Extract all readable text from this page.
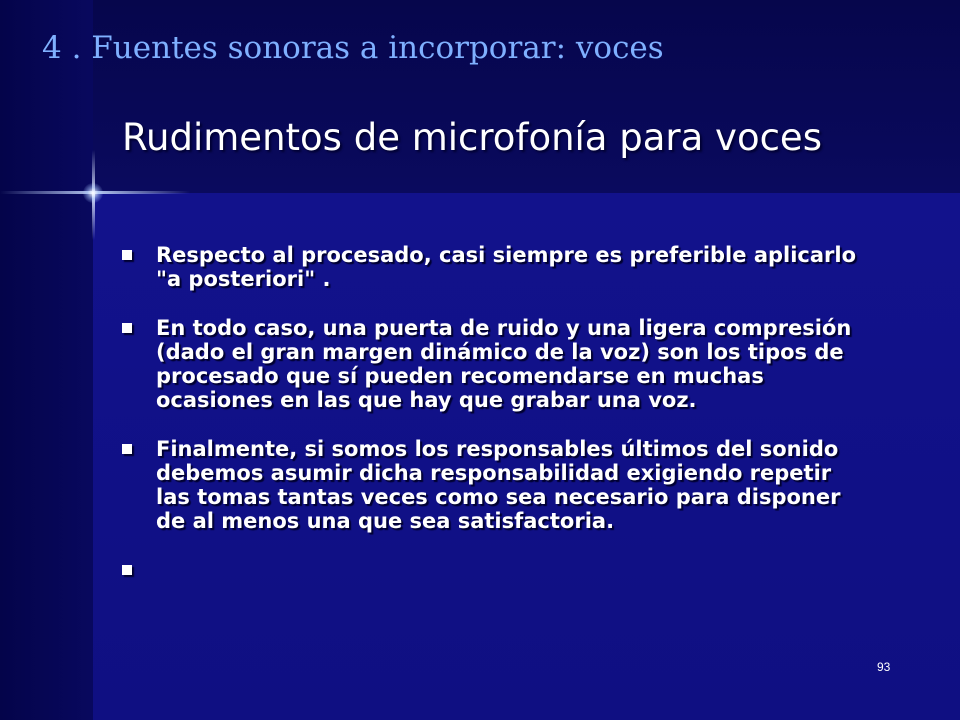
4 . Fuentes sonoras a incorporar: voces
Rudimentos de microfonía para voces
Respecto al procesado, casi siempre es preferible aplicarlo "a posteriori" .
En todo caso, una puerta de ruido y una ligera compresión (dado el gran margen dinámico de la voz) son los tipos de procesado que sí pueden recomendarse en muchas ocasiones en las que hay que grabar una voz.
Finalmente, si somos los responsables últimos del sonido debemos asumir dicha responsabilidad exigiendo repetir las tomas tantas veces como sea necesario para disponer de al menos una que sea satisfactoria.
93
